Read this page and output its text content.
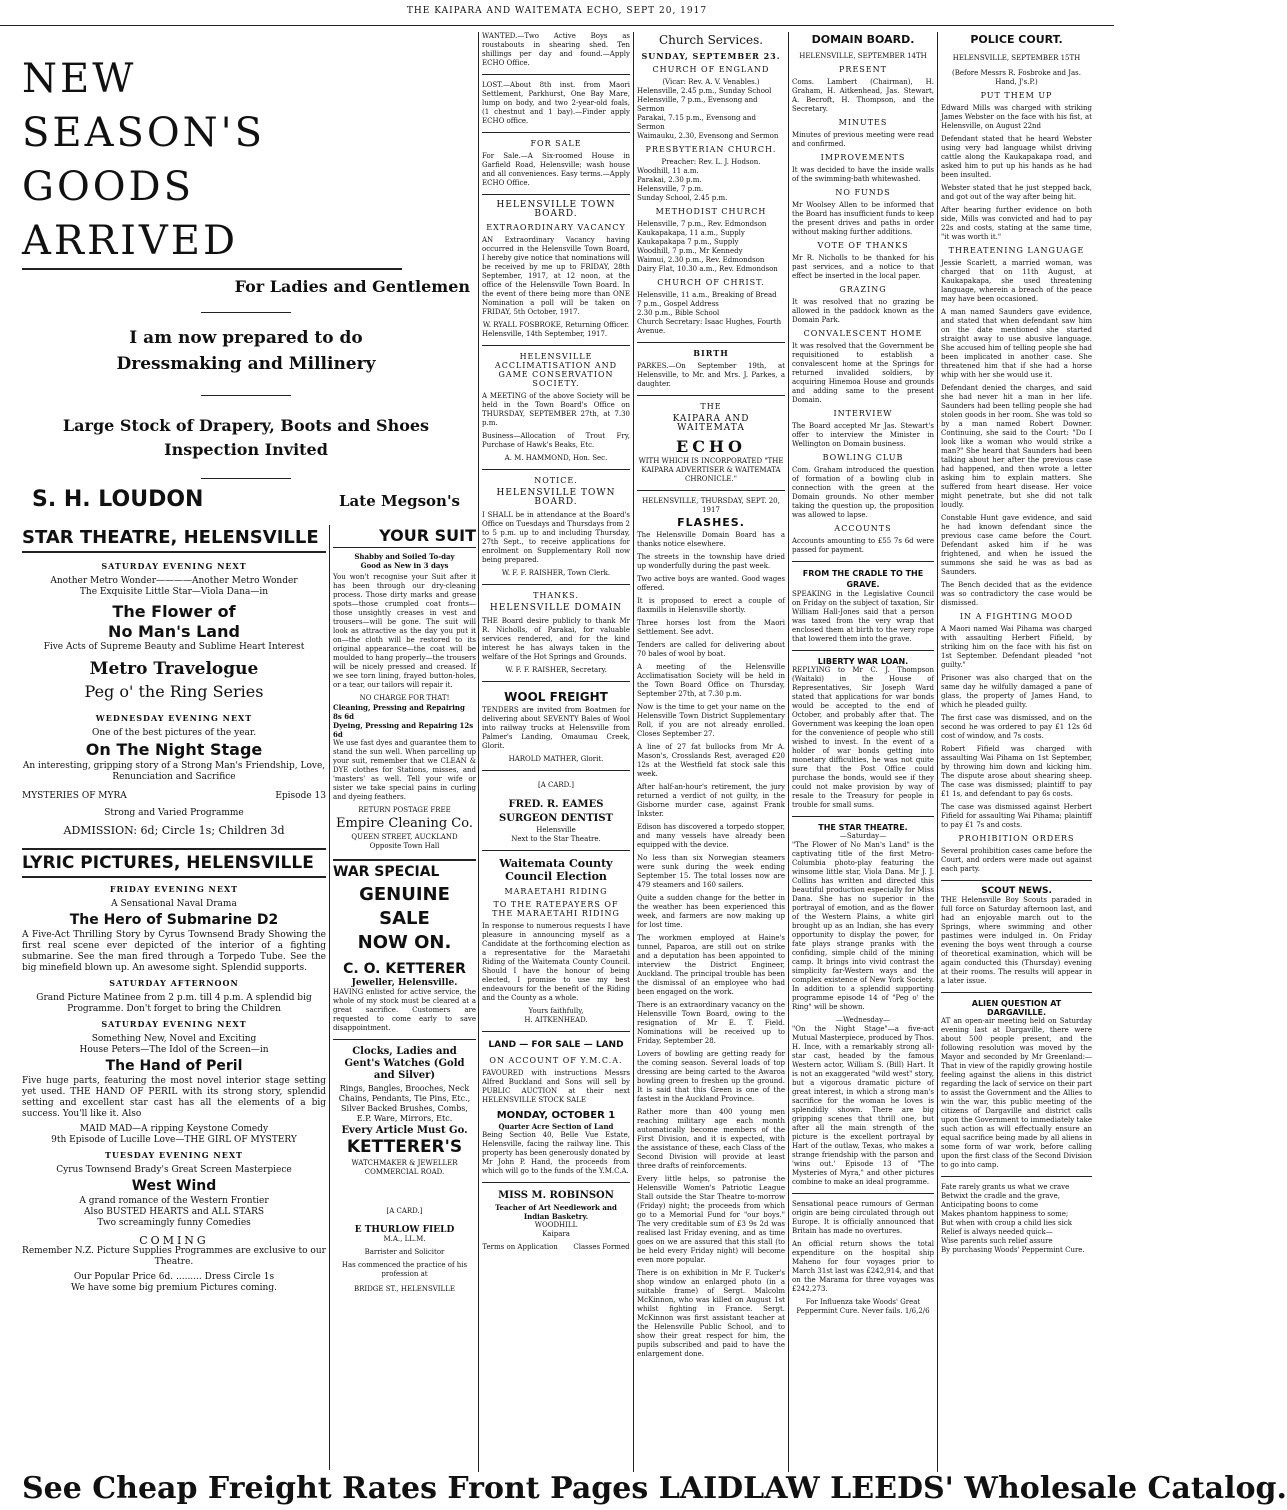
THE KAIPARA AND WAITEMATA ECHO, SEPT 20, 1917
NEW
SEASON'S
GOODS ARRIVED
For Ladies and Gentlemen
I am now prepared to do
Dressmaking and Millinery
Large Stock of Drapery, Boots and Shoes
Inspection Invited
S. H. LOUDON	Late Megson's
STAR THEATRE, HELENSVILLE
SATURDAY EVENING NEXT
Another Metro Wonder————Another Metro Wonder
The Exquisite Little Star—Viola Dana—in
The Flower of
No Man's Land
Five Acts of Supreme Beauty and Sublime Heart Interest
Metro Travelogue
Peg o' the Ring Series
WEDNESDAY EVENING NEXT
One of the best pictures of the year.
On The Night Stage
An interesting, gripping story of a Strong Man's Friendship, Love, Renunciation and Sacrifice
MYSTERIES OF MYRA	Episode 13
Strong and Varied Programme
ADMISSION: 6d; Circle 1s; Children 3d
LYRIC PICTURES, HELENSVILLE
FRIDAY EVENING NEXT
A Sensational Naval Drama
The Hero of Submarine D2

A Five-Act Thrilling Story by Cyrus Townsend Brady Showing the first real scene ever depicted of the interior of a fighting submarine. See the man fired through a Torpedo Tube. See the big minefield blown up. An awesome sight. Splendid supports.

SATURDAY AFTERNOON

Grand Picture Matinee from 2 p.m. till 4 p.m. A splendid big Programme. Don't forget to bring the Children

SATURDAY EVENING NEXT
Something New, Novel and Exciting
House Peters—The Idol of the Screen—in
The Hand of Peril

Five huge parts, featuring the most novel interior stage setting yet used. THE HAND OF PERIL with its strong story, splendid setting and excellent star cast has all the elements of a big success. You'll like it. Also

MAID MAD—A ripping Keystone Comedy
9th Episode of Lucille Love—THE GIRL OF MYSTERY
TUESDAY EVENING NEXT
Cyrus Townsend Brady's Great Screen Masterpiece
West Wind
A grand romance of the Western Frontier
Also BUSTED HEARTS and ALL STARS
Two screamingly funny Comedies
COMING
Remember N.Z. Picture Supplies Programmes are exclusive to our Theatre.
Our Popular Price 6d. ......... Dress Circle 1s
We have some big premium Pictures coming.
YOUR SUIT
Shabby and Soiled To-day
Good as New in 3 days

You won't recognise your Suit after it has been through our dry-cleaning process. Those dirty marks and grease spots—those crumpled coat fronts—those unsightly creases in vest and trousers—will be gone. The suit will look as attractive as the day you put it on—the cloth will be restored to its original appearance—the coat will be moulded to hang properly—the trousers will be nicely pressed and creased. If we see torn lining, frayed button-holes, or a tear, our tailors will repair it.

NO CHARGE FOR THAT!
Cleaning, Pressing and Repairing 8s 6d
Dyeing, Pressing and Repairing 12s 6d

We use fast dyes and guarantee them to stand the sun well. When parcelling up your suit, remember that we CLEAN & DYE clothes for Stations, misses, and 'masters' as well. Tell your wife or sister we take special pains in curling and dyeing feathers.

RETURN POSTAGE FREE
Empire Cleaning Co.
QUEEN STREET, AUCKLAND
Opposite Town Hall
WAR SPECIAL
GENUINE SALE
NOW ON.
C. O. KETTERER
Jeweller, Helensville.

HAVING enlisted for active service, the whole of my stock must be cleared at a great sacrifice. Customers are requested to come early to save disappointment.

Clocks, Ladies and Gent's Watches (Gold and Silver)
Rings, Bangles, Brooches, Neck Chains, Pendants, Tie Pins, Etc., Silver Backed Brushes, Combs, E.P. Ware, Mirrors, Etc.
Every Article Must Go.
KETTERER'S
WATCHMAKER & JEWELLER
COMMERCIAL ROAD.
[A CARD.]
E THURLOW FIELD
M.A., LL.M.
Barrister and Solicitor
Has commenced the practice of his profession at
BRIDGE ST., HELENSVILLE

WANTED.—Two Active Boys as roustabouts in shearing shed. Ten shillings per day and found.—Apply ECHO Office.

LOST.—About 8th inst. from Maori Settlement, Parkhurst, One Bay Mare, lump on body, and two 2-year-old foals, (1 chestnut and 1 bay).—Finder apply ECHO office.

FOR SALE

For Sale.—A Six-roomed House in Garfield Road, Helensville; wash house and all conveniences. Easy terms.—Apply ECHO Office.

HELENSVILLE TOWN BOARD.
EXTRAORDINARY VACANCY

AN Extraordinary Vacancy having occurred in the Helensville Town Board, I hereby give notice that nominations will be received by me up to FRIDAY, 28th September, 1917, at 12 noon, at the office of the Helensville Town Board. In the event of there being more than ONE Nomination a poll will be taken on FRIDAY, 5th October, 1917.

W. RYALL FOSBROKE, Returning Officer.
Helensville, 14th September, 1917.
HELENSVILLE ACCLIMATISATION AND GAME CONSERVATION SOCIETY.

A MEETING of the above Society will be held in the Town Board's Office on THURSDAY, SEPTEMBER 27th, at 7.30 p.m.

Business—Allocation of Trout Fry, Purchase of Hawk's Beaks, Etc.

A. M. HAMMOND, Hon. Sec.
NOTICE.
HELENSVILLE TOWN BOARD.

I SHALL be in attendance at the Board's Office on Tuesdays and Thursdays from 2 to 5 p.m. up to and including Thursday, 27th Sept., to receive applications for enrolment on Supplementary Roll now being prepared.

W. F. F. RAISHER, Town Clerk.
THANKS.
HELENSVILLE DOMAIN

THE Board desire publicly to thank Mr R. Nicholls, of Parakai, for valuable services rendered, and for the kind interest he has always taken in the welfare of the Hot Springs and Grounds.

W. F. F. RAISHER, Secretary.
WOOL FREIGHT

TENDERS are invited from Boatmen for delivering about SEVENTY Bales of Wool into railway trucks at Helensville from Palmer's Landing, Omaumau Creek, Glorit.

HAROLD MATHER, Glorit.
[A CARD.]
FRED. R. EAMES
SURGEON DENTIST
Helensville
Next to the Star Theatre.
Waitemata County Council Election
MARAETAHI RIDING
TO THE RATEPAYERS OF THE MARAETAHI RIDING

In response to numerous requests I have pleasure in announcing myself as a Candidate at the forthcoming election as a representative for the Maraetahi Riding of the Waitemata County Council. Should I have the honour of being elected, I promise to use my best endeavours for the benefit of the Riding and the County as a whole.

Yours faithfully,
H. AITKENHEAD.
LAND — FOR SALE — LAND
ON ACCOUNT OF Y.M.C.A.

FAVOURED with instructions Messrs Alfred Buckland and Sons will sell by PUBLIC AUCTION at their next HELENSVILLE STOCK SALE

MONDAY, OCTOBER 1
Quarter Acre Section of Land

Being Section 40, Belle Vue Estate, Helensville, facing the railway line. This property has been generously donated by Mr John P. Hand, the proceeds from which will go to the funds of the Y.M.C.A.

MISS M. ROBINSON
Teacher of Art Needlework and Indian Basketry.
WOODHILL
Kaipara
Terms on Application       Classes Formed
Church Services.
SUNDAY, SEPTEMBER 23.
CHURCH OF ENGLAND
(Vicar: Rev. A. V. Venables.)
Helensville, 2.45 p.m., Sunday School
Helensville, 7 p.m., Evensong and Sermon
Parakai, 7.15 p.m., Evensong and Sermon
Waimauku, 2.30, Evensong and Sermon
PRESBYTERIAN CHURCH.
Preacher: Rev. L. J. Hodson.
Woodhill, 11 a.m.
Parakai, 2.30 p.m.
Helensville, 7 p.m.
Sunday School, 2.45 p.m.
METHODIST CHURCH
Helensville, 7 p.m., Rev. Edmondson
Kaukapakapa, 11 a.m., Supply
Kaukapakapa 7 p.m., Supply
Woodhill, 7 p.m., Mr Kennedy
Waimui, 2.30 p.m., Rev. Edmondson
Dairy Flat, 10.30 a.m., Rev. Edmondson
CHURCH OF CHRIST.
Helensville, 11 a.m., Breaking of Bread
7 p.m., Gospel Address
2.30 p.m., Bible School
Church Secretary: Isaac Hughes, Fourth Avenue.
BIRTH

PARKES.—On September 19th, at Helensville, to Mr. and Mrs. J. Parkes, a daughter.

THE
KAIPARA AND WAITEMATA
ECHO
WITH WHICH IS INCORPORATED "THE KAIPARA ADVERTISER & WAITEMATA CHRONICLE."
HELENSVILLE, THURSDAY, SEPT. 20, 1917
FLASHES.

The Helensville Domain Board has a thanks notice elsewhere.

The streets in the township have dried up wonderfully during the past week.

Two active boys are wanted. Good wages offered.

It is proposed to erect a couple of flaxmills in Helensville shortly.

Three horses lost from the Maori Settlement. See advt.

Tenders are called for delivering about 70 bales of wool by boat.

A meeting of the Helensville Acclimatisation Society will be held in the Town Board Office on Thursday, September 27th, at 7.30 p.m.

Now is the time to get your name on the Helensville Town District Supplementary Roll, if you are not already enrolled. Closes September 27.

A line of 27 fat bullocks from Mr A. Mason's, Crosslands Rest, averaged £20 12s at the Westfield fat stock sale this week.

After half-an-hour's retirement, the jury returned a verdict of not guilty, in the Gisborne murder case, against Frank Inkster.

Edison has discovered a torpedo stopper, and many vessels have already been equipped with the device.

No less than six Norwegian steamers were sunk during the week ending September 15. The total losses now are 479 steamers and 160 sailers.

Quite a sudden change for the better in the weather has been experienced this week, and farmers are now making up for lost time.

The workmen employed at Haine's tunnel, Paparoa, are still out on strike and a deputation has been appointed to interview the District Engineer, Auckland. The principal trouble has been the dismissal of an employee who had been engaged on the work.

There is an extraordinary vacancy on the Helensville Town Board, owing to the resignation of Mr E. T. Field. Nominations will be received up to Friday, September 28.

Lovers of bowling are getting ready for the coming season. Several loads of top dressing are being carted to the Awaroa bowling green to freshen up the ground. It is said that this Green is one of the fastest in the Auckland Province.

Rather more than 400 young men reaching military age each month automatically become members of the First Division, and it is expected, with the assistance of these, each Class of the Second Division will provide at least three drafts of reinforcements.

Every little helps, so patronise the Helensville Women's Patriotic League Stall outside the Star Theatre to-morrow (Friday) night; the proceeds from which go to a Memorial Fund for "our boys." The very creditable sum of £3 9s 2d was realised last Friday evening, and as time goes on we are assured that this stall (to be held every Friday night) will become even more popular.

There is on exhibition in Mr F. Tucker's shop window an enlarged photo (in a suitable frame) of Sergt. Malcolm McKinnon, who was killed on August 1st whilst fighting in France. Sergt. McKinnon was first assistant teacher at the Helensville Public School, and to show their great respect for him, the pupils subscribed and paid to have the enlargement done.

DOMAIN BOARD.
HELENSVILLE, SEPTEMBER 14TH
PRESENT

Coms. Lambert (Chairman), H. Graham, H. Aitkenhead, Jas. Stewart, A. Becroft, H. Thompson, and the Secretary.

MINUTES

Minutes of previous meeting were read and confirmed.

IMPROVEMENTS

It was decided to have the inside walls of the swimming-bath whitewashed.

NO FUNDS

Mr Woolsey Allen to be informed that the Board has insufficient funds to keep the present drives and paths in order without making further additions.

VOTE OF THANKS

Mr R. Nicholls to be thanked for his past services, and a notice to that effect be inserted in the local paper.

GRAZING

It was resolved that no grazing be allowed in the paddock known as the Domain Park.

CONVALESCENT HOME

It was resolved that the Government be requisitioned to establish a convalescent home at the Springs for returned invalided soldiers, by acquiring Hinemoa House and grounds and adding same to the present Domain.

INTERVIEW

The Board accepted Mr Jas. Stewart's offer to interview the Minister in Wellington on Domain business.

BOWLING CLUB

Com. Graham introduced the question of formation of a bowling club in connection with the green at the Domain grounds. No other member taking the question up, the proposition was allowed to lapse.

ACCOUNTS

Accounts amounting to £55 7s 6d were passed for payment.

FROM THE CRADLE TO THE GRAVE.

SPEAKING in the Legislative Council on Friday on the subject of taxation, Sir William Hall-Jones said that a person was taxed from the very wrap that enclosed them at birth to the very rope that lowered them into the grave.

LIBERTY WAR LOAN.

REPLYING to Mr C. J. Thompson (Waitaki) in the House of Representatives, Sir Joseph Ward stated that applications for war bonds would be accepted to the end of October, and probably after that. The Government was keeping the loan open for the convenience of people who still wished to invest. In the event of a holder of war bonds getting into monetary difficulties, he was not quite sure that the Post Office could purchase the bonds, would see if they could not make provision by way of resale to the Treasury for people in trouble for small sums.

THE STAR THEATRE.
—Saturday—

"The Flower of No Man's Land" is the captivating title of the first Metro-Columbia photo-play featuring the winsome little star, Viola Dana. Mr J. J. Collins has written and directed this beautiful production especially for Miss Dana. She has no superior in the portrayal of emotion, and as the flower of the Western Plains, a white girl brought up as an Indian, she has every opportunity to display the power, for fate plays strange pranks with the confiding, simple child of the mining camp. It brings into vivid contrast the simplicity far-Western ways and the complex existence of New York Society. In addition to a splendid supporting programme episode 14 of "Peg o' the Ring" will be shown.

—Wednesday—

"On the Night Stage"—a five-act Mutual Masterpiece, produced by Thos. H. Ince, with a remarkably strong all-star cast, headed by the famous Western actor, William S. (Bill) Hart. It is not an exaggerated "wild west" story, but a vigorous dramatic picture of great interest, in which a strong man's sacrifice for the woman he loves is splendidly shown. There are big gripping scenes that thrill one, but after all the main strength of the picture is the excellent portrayal by Hart of the outlaw, Texas, who makes a strange friendship with the parson and 'wins out.' Episode 13 of "The Mysteries of Myra," and other pictures combine to make an ideal programme.

Sensational peace rumours of German origin are being circulated through out Europe. It is officially announced that Britain has made no overtures.

An official return shows the total expenditure on the hospital ship Maheno for four voyages prior to March 31st last was £242,914, and that on the Marama for three voyages was £242,273.

For Influenza take Woods' Great Peppermint Cure. Never fails. 1/6,2/6

POLICE COURT.
HELENSVILLE, SEPTEMBER 15TH
(Before Messrs R. Fosbroke and Jas. Hand, J's.P.)
PUT THEM UP

Edward Mills was charged with striking James Webster on the face with his fist, at Helensville, on August 22nd

Defendant stated that he heard Webster using very bad language whilst driving cattle along the Kaukapakapa road, and asked him to put up his hands as he had been insulted.

Webster stated that he just stepped back, and got out of the way after being hit.

After hearing further evidence on both side, Mills was convicted and had to pay 22s and costs, stating at the same time, "it was worth it."

THREATENING LANGUAGE

Jessie Scarlett, a married woman, was charged that on 11th August, at Kaukapakapa, she used threatening language, wherein a breach of the peace may have been occasioned.

A man named Saunders gave evidence, and stated that when defendant saw him on the date mentioned she started straight away to use abusive language. She accused him of telling people she had been implicated in another case. She threatened him that if she had a horse whip with her she would use it.

Defendant denied the charges, and said she had never hit a man in her life. Saunders had been telling people she had stolen goods in her room. She was told so by a man named Robert Downer. Continuing, she said to the Court: "Do I look like a woman who would strike a man?" She heard that Saunders had been talking about her after the previous case had happened, and then wrote a letter asking him to explain matters. She suffered from heart disease. Her voice might penetrate, but she did not talk loudly.

Constable Hunt gave evidence, and said he had known defendant since the previous case came before the Court. Defendant asked him if he was frightened, and when he issued the summons she said he was as bad as Saunders.

The Bench decided that as the evidence was so contradictory the case would be dismissed.

IN A FIGHTING MOOD

A Maori named Wai Pihama was charged with assaulting Herbert Fifield, by striking him on the face with his fist on 1st September. Defendant pleaded "not guilty."

Prisoner was also charged that on the same day he wilfully damaged a pane of glass, the property of James Hand, to which he pleaded guilty.

The first case was dismissed, and on the second he was ordered to pay £1 12s 6d cost of window, and 7s costs.

Robert Fifield was charged with assaulting Wai Pihama on 1st September, by throwing him down and kicking him. The dispute arose about shearing sheep. The case was dismissed; plaintiff to pay £1 1s, and defendant to pay 6s costs.

The case was dismissed against Herbert Fifield for assaulting Wai Pihama; plaintiff to pay £1 7s and costs.

PROHIBITION ORDERS

Several prohibition cases came before the Court, and orders were made out against each party.

SCOUT NEWS.

THE Helensville Boy Scouts paraded in full force on Saturday afternoon last, and had an enjoyable march out to the Springs, where swimming and other pastimes were indulged in. On Friday evening the boys went through a course of theoretical examination, which will be again conducted this (Thursday) evening at their rooms. The results will appear in a later issue.

ALIEN QUESTION AT DARGAVILLE.

AT an open-air meeting held on Saturday evening last at Dargaville, there were about 500 people present, and the following resolution was moved by the Mayor and seconded by Mr Greenland:—That in view of the rapidly growing hostile feeling against the aliens in this district regarding the lack of service on their part to assist the Government and the Allies to win the war, this public meeting of the citizens of Dargaville and district calls upon the Government to immediately take such action as will effectually ensure an equal sacrifice being made by all aliens in some form of war work, before calling upon the first class of the Second Division to go into camp.

Fate rarely grants us what we crave
Betwixt the cradle and the grave,
Anticipating boons to come
Makes phantom happiness to some;
But when with croup a child lies sick
Relief is always needed quick—
Wise parents such relief assure
By purchasing Woods' Peppermint Cure.
See Cheap Freight Rates Front Pages LAIDLAW LEEDS' Wholesale Catalog.
